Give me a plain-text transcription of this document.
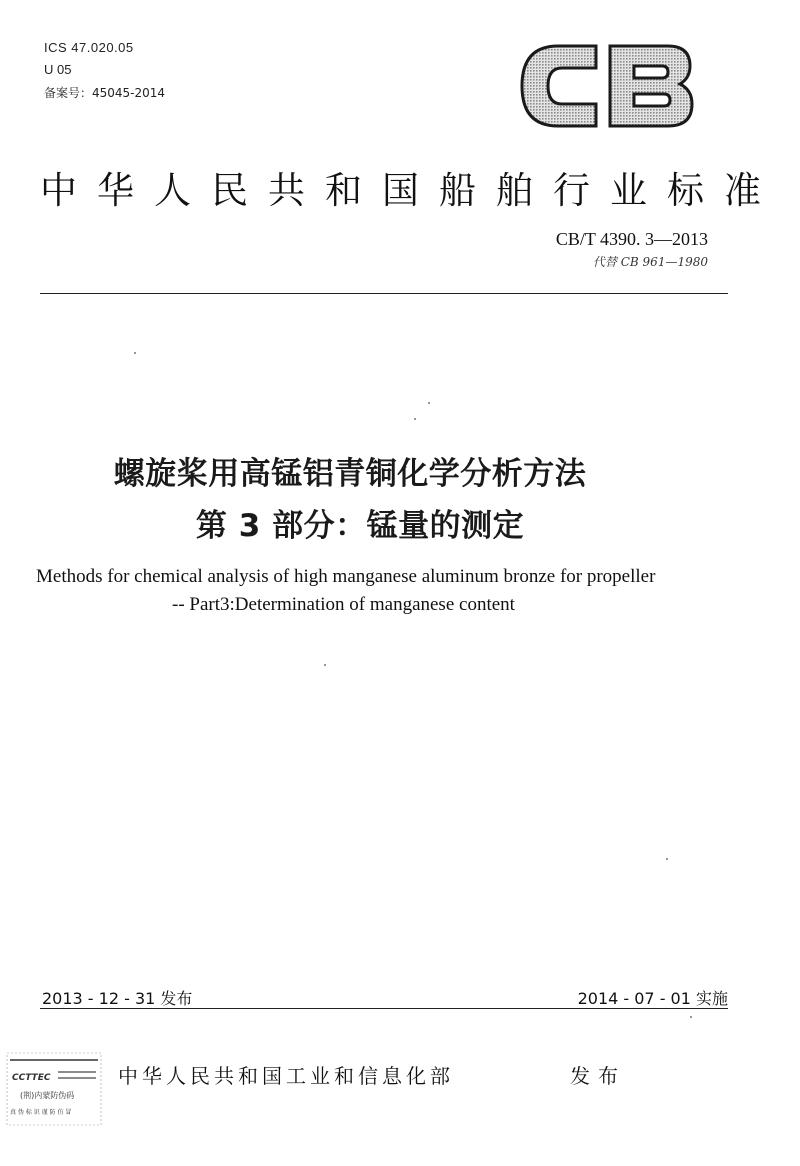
ICS 47.020.05
U 05
备案号：45045-2014
CB
中华人民共和国船舶行业标准
CB/T 4390. 3—2013
代替 CB 961—1980
螺旋桨用高锰铝青铜化学分析方法
第 3 部分：锰量的测定
Methods for chemical analysis of high manganese aluminum bronze for propeller
-- Part3:Determination of manganese content
2013 - 12 - 31 发布	2014 - 07 - 01 实施
CCTTEC
(荆)内蒙防伪码
真 伪 标 识 谨 防 仿 冒
中华人民共和国工业和信息化部	发布
